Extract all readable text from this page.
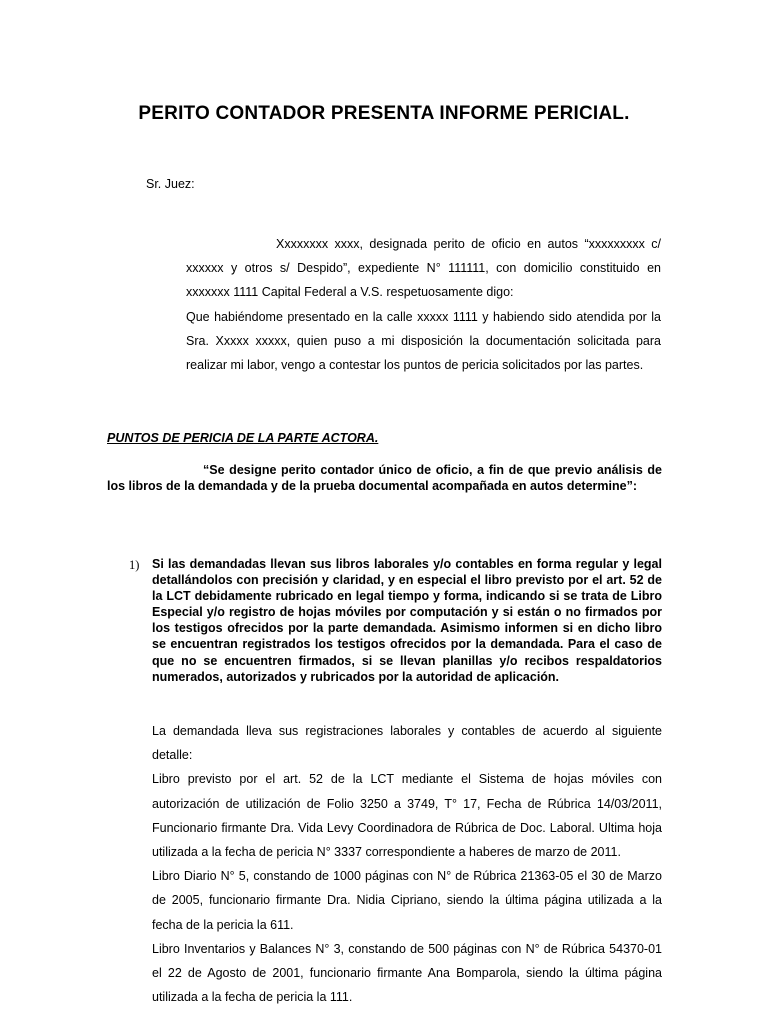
PERITO CONTADOR PRESENTA INFORME PERICIAL.
Sr. Juez:

Xxxxxxxx xxxx, designada perito de oficio en autos “xxxxxxxxx c/ xxxxxx y otros s/ Despido”, expediente N° 111111, con domicilio constituido en xxxxxxx 1111 Capital Federal a V.S. respetuosamente digo:

Que habiéndome presentado en la calle xxxxx 1111 y habiendo sido atendida por la Sra. Xxxxx xxxxx, quien puso a mi disposición la documentación solicitada para realizar mi labor, vengo a contestar los puntos de pericia solicitados por las partes.

PUNTOS DE PERICIA DE LA PARTE ACTORA.

“Se designe perito contador único de oficio, a fin de que previo análisis de los libros de la demandada y de la prueba documental acompañada en autos determine”:

1) Si las demandadas llevan sus libros laborales y/o contables en forma regular y legal detallándolos con precisión y claridad, y en especial el libro previsto por el art. 52 de la LCT debidamente rubricado en legal tiempo y forma, indicando si se trata de Libro Especial y/o registro de hojas móviles por computación y si están o no firmados por los testigos ofrecidos por la parte demandada. Asimismo informen si en dicho libro se encuentran registrados los testigos ofrecidos por la demandada. Para el caso de que no se encuentren firmados, si se llevan planillas y/o recibos respaldatorios numerados, autorizados y rubricados por la autoridad de aplicación.

La demandada lleva sus registraciones laborales y contables de acuerdo al siguiente detalle:

Libro previsto por el art. 52 de la LCT mediante el Sistema de hojas móviles con autorización de utilización de Folio 3250 a 3749, T° 17, Fecha de Rúbrica 14/03/2011, Funcionario firmante Dra. Vida Levy Coordinadora de Rúbrica de Doc. Laboral. Ultima hoja utilizada a la fecha de pericia N° 3337 correspondiente a haberes de marzo de 2011.

Libro Diario N° 5, constando de 1000 páginas con N° de Rúbrica 21363-05 el 30 de Marzo de 2005, funcionario firmante Dra. Nidia Cipriano, siendo la última página utilizada a la fecha de la pericia la 611.

Libro Inventarios y Balances N° 3, constando de 500 páginas con N° de Rúbrica 54370-01 el 22 de Agosto de 2001, funcionario firmante Ana Bomparola, siendo la última página utilizada a la fecha de pericia la 111.
